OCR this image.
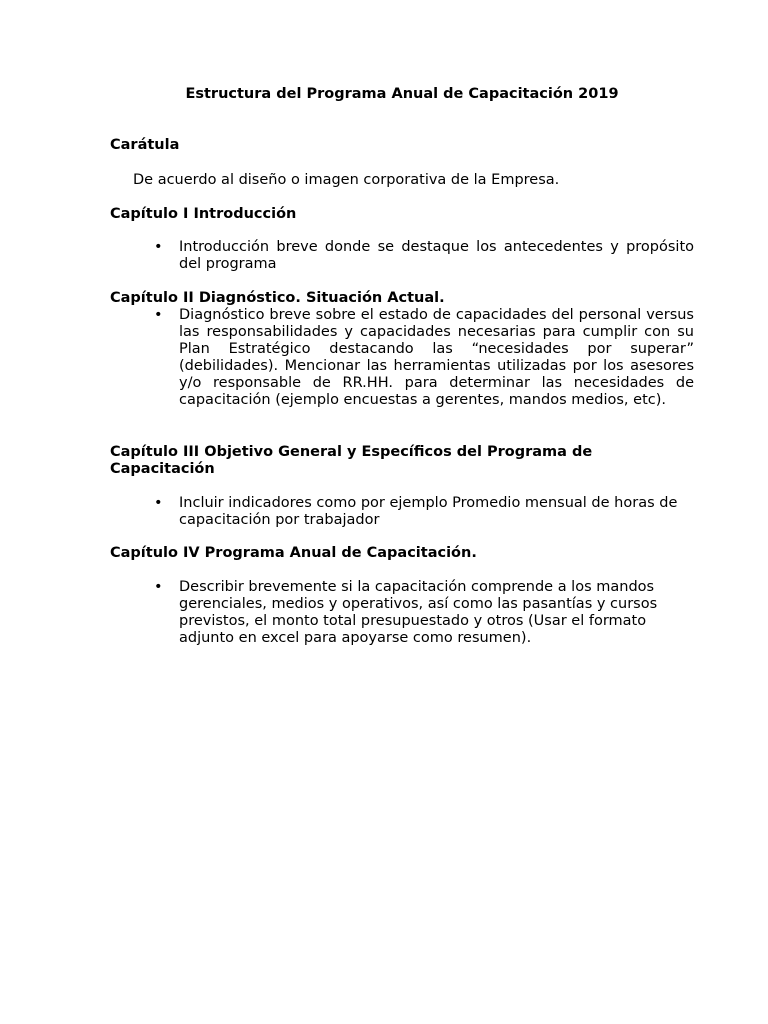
Estructura del Programa Anual de Capacitación 2019
Carátula
De acuerdo al diseño o imagen corporativa de la Empresa.
Capítulo I Introducción
•	Introducción breve donde se destaque los antecedentes y propósito del programa
Capítulo II Diagnóstico. Situación Actual.
•	Diagnóstico breve sobre el estado de capacidades del personal versus las responsabilidades y capacidades necesarias para cumplir con su Plan Estratégico destacando las “necesidades por superar” (debilidades). Mencionar las herramientas utilizadas por los asesores y/o responsable de RR.HH. para determinar las necesidades de capacitación (ejemplo encuestas a gerentes, mandos medios, etc).
Capítulo III Objetivo General y Específicos del Programa de Capacitación
•	Incluir indicadores como por ejemplo Promedio mensual de horas de capacitación por trabajador
Capítulo IV Programa Anual de Capacitación.
•	Describir brevemente si la capacitación comprende a los mandos gerenciales, medios y operativos, así como las pasantías y cursos previstos, el monto total presupuestado y otros (Usar el formato adjunto en excel para apoyarse como resumen).
